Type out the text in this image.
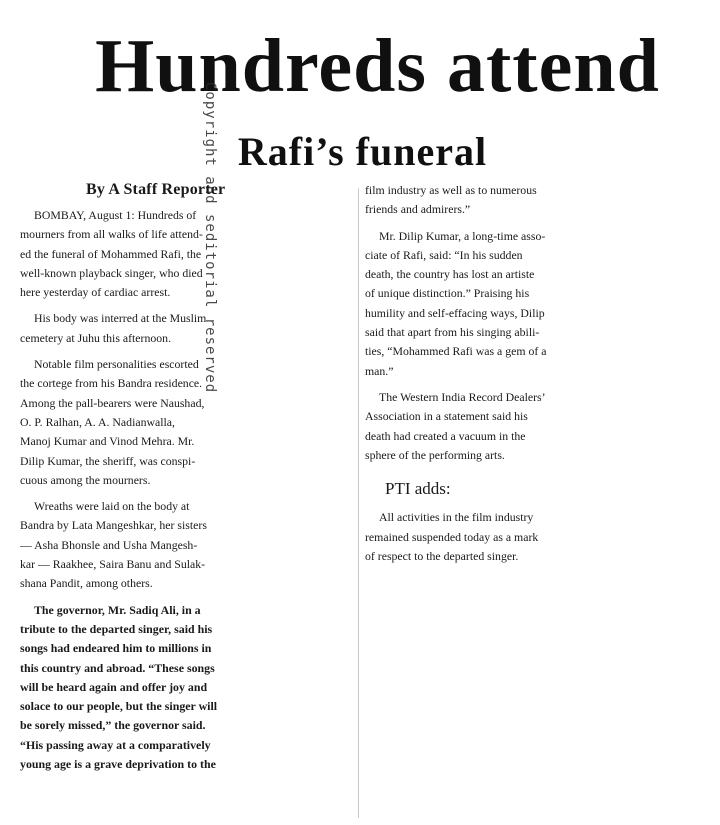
Hundreds attend
Rafi’s funeral
Copyright and seditorial reserved
By A Staff Reporter
BOMBAY, August 1: Hundreds of
mourners from all walks of life attend-
ed the funeral of Mohammed Rafi, the
well-known playback singer, who died
here yesterday of cardiac arrest.
His body was interred at the Muslim
cemetery at Juhu this afternoon.
Notable film personalities escorted
the cortege from his Bandra residence.
Among the pall-bearers were Naushad,
O. P. Ralhan, A. A. Nadianwalla,
Manoj Kumar and Vinod Mehra. Mr.
Dilip Kumar, the sheriff, was conspi-
cuous among the mourners.
Wreaths were laid on the body at
Bandra by Lata Mangeshkar, her sisters
— Asha Bhonsle and Usha Mangesh-
kar — Raakhee, Saira Banu and Sulak-
shana Pandit, among others.
The governor, Mr. Sadiq Ali, in a
tribute to the departed singer, said his
songs had endeared him to millions in
this country and abroad. “These songs
will be heard again and offer joy and
solace to our people, but the singer will
be sorely missed,” the governor said.
“His passing away at a comparatively
young age is a grave deprivation to the
film industry as well as to numerous
friends and admirers.”
Mr. Dilip Kumar, a long-time asso-
ciate of Rafi, said: “In his sudden
death, the country has lost an artiste
of unique distinction.” Praising his
humility and self-effacing ways, Dilip
said that apart from his singing abili-
ties, “Mohammed Rafi was a gem of a
man.”
The Western India Record Dealers’
Association in a statement said his
death had created a vacuum in the
sphere of the performing arts.
PTI adds:
All activities in the film industry
remained suspended today as a mark
of respect to the departed singer.
